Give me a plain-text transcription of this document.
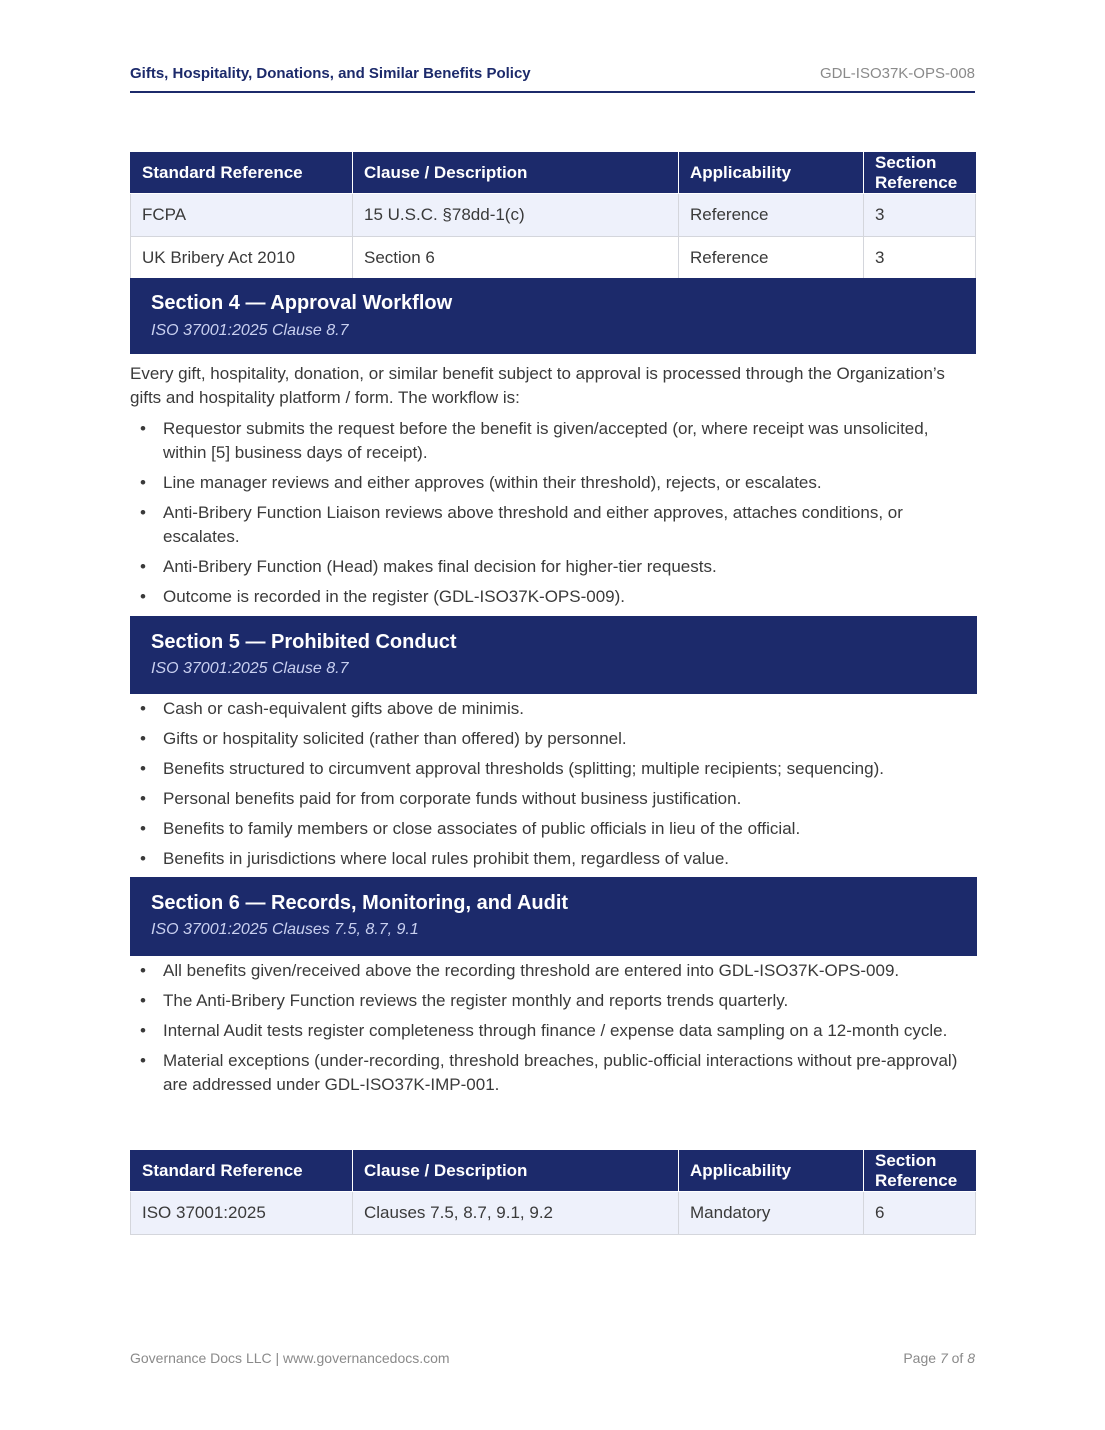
Gifts, Hospitality, Donations, and Similar Benefits Policy	GDL-ISO37K-OPS-008
Standard Reference	Clause / Description	Applicability	Section Reference
FCPA	15 U.S.C. §78dd-1(c)	Reference	3
UK Bribery Act 2010	Section 6	Reference	3
Section 4 — Approval Workflow
ISO 37001:2025 Clause 8.7
Every gift, hospitality, donation, or similar benefit subject to approval is processed through the Organization’s gifts and hospitality platform / form. The workflow is:
• Requestor submits the request before the benefit is given/accepted (or, where receipt was unsolicited, within [5] business days of receipt).
• Line manager reviews and either approves (within their threshold), rejects, or escalates.
• Anti-Bribery Function Liaison reviews above threshold and either approves, attaches conditions, or escalates.
• Anti-Bribery Function (Head) makes final decision for higher-tier requests.
• Outcome is recorded in the register (GDL-ISO37K-OPS-009).
Section 5 — Prohibited Conduct
ISO 37001:2025 Clause 8.7
• Cash or cash-equivalent gifts above de minimis.
• Gifts or hospitality solicited (rather than offered) by personnel.
• Benefits structured to circumvent approval thresholds (splitting; multiple recipients; sequencing).
• Personal benefits paid for from corporate funds without business justification.
• Benefits to family members or close associates of public officials in lieu of the official.
• Benefits in jurisdictions where local rules prohibit them, regardless of value.
Section 6 — Records, Monitoring, and Audit
ISO 37001:2025 Clauses 7.5, 8.7, 9.1
• All benefits given/received above the recording threshold are entered into GDL-ISO37K-OPS-009.
• The Anti-Bribery Function reviews the register monthly and reports trends quarterly.
• Internal Audit tests register completeness through finance / expense data sampling on a 12-month cycle.
• Material exceptions (under-recording, threshold breaches, public-official interactions without pre-approval) are addressed under GDL-ISO37K-IMP-001.
Standard Reference	Clause / Description	Applicability	Section Reference
ISO 37001:2025	Clauses 7.5, 8.7, 9.1, 9.2	Mandatory	6
Governance Docs LLC | www.governancedocs.com	Page 7 of 8
